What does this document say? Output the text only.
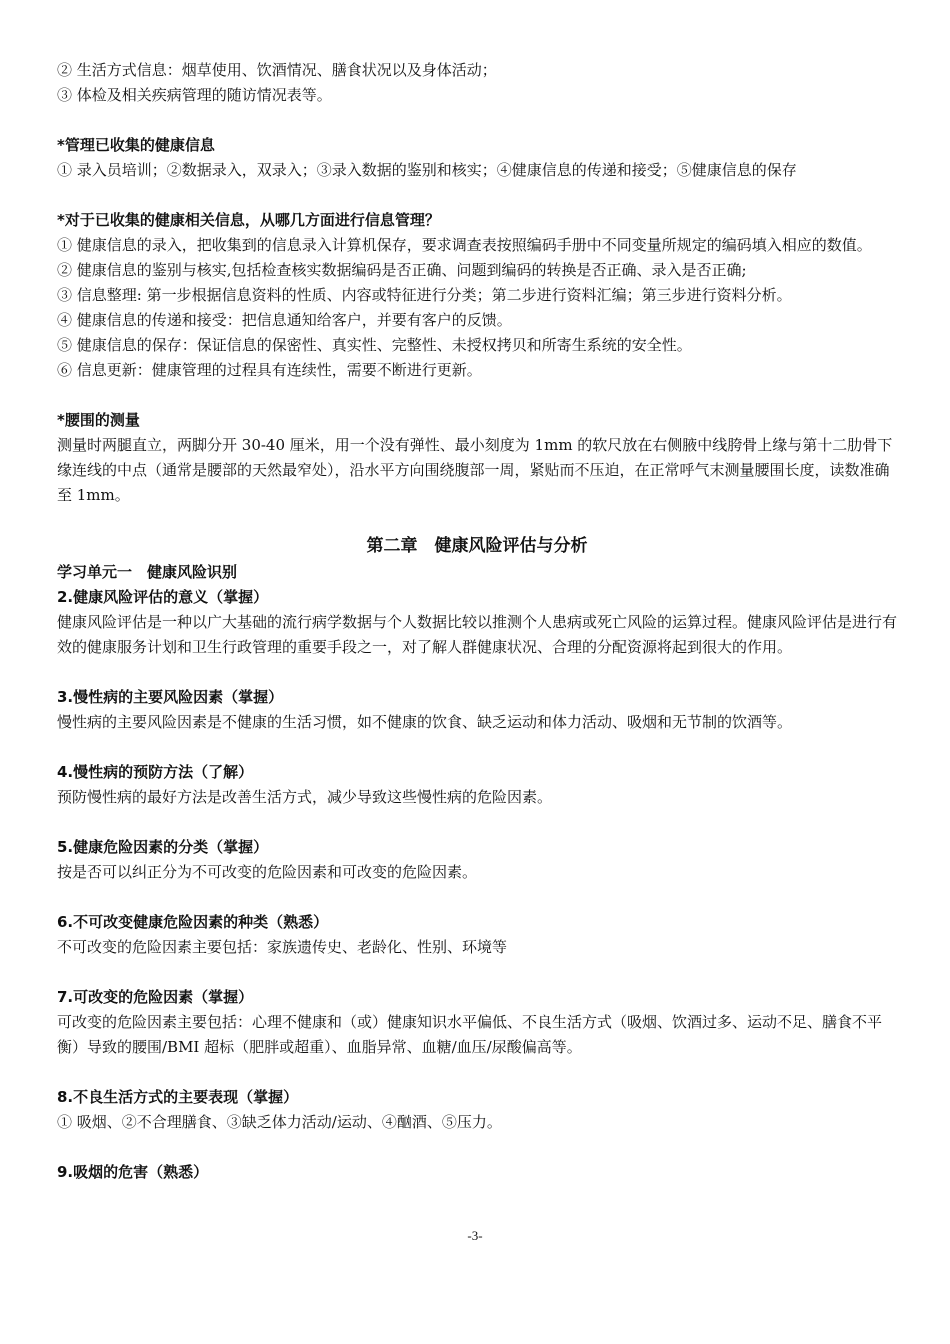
② 生活方式信息：烟草使用、饮酒情况、膳食状况以及身体活动；

③ 体检及相关疾病管理的随访情况表等。

*管理已收集的健康信息

① 录入员培训；②数据录入，双录入；③录入数据的鉴别和核实；④健康信息的传递和接受；⑤健康信息的保存

*对于已收集的健康相关信息，从哪几方面进行信息管理？

① 健康信息的录入，把收集到的信息录入计算机保存，要求调查表按照编码手册中不同变量所规定的编码填入相应的数值。

② 健康信息的鉴别与核实,包括检查核实数据编码是否正确、问题到编码的转换是否正确、录入是否正确;

③ 信息整理: 第一步根据信息资料的性质、内容或特征进行分类；第二步进行资料汇编；第三步进行资料分析。

④ 健康信息的传递和接受：把信息通知给客户，并要有客户的反馈。

⑤ 健康信息的保存：保证信息的保密性、真实性、完整性、未授权拷贝和所寄生系统的安全性。

⑥ 信息更新：健康管理的过程具有连续性，需要不断进行更新。

*腰围的测量

测量时两腿直立，两脚分开 30-40 厘米，用一个没有弹性、最小刻度为 1mm 的软尺放在右侧腋中线胯骨上缘与第十二肋骨下缘连线的中点（通常是腰部的天然最窄处），沿水平方向围绕腹部一周，紧贴而不压迫，在正常呼气末测量腰围长度，读数准确至 1mm。

第二章　健康风险评估与分析

学习单元一　健康风险识别

2.健康风险评估的意义（掌握）

健康风险评估是一种以广大基础的流行病学数据与个人数据比较以推测个人患病或死亡风险的运算过程。健康风险评估是进行有效的健康服务计划和卫生行政管理的重要手段之一，对了解人群健康状况、合理的分配资源将起到很大的作用。

3.慢性病的主要风险因素（掌握）

慢性病的主要风险因素是不健康的生活习惯，如不健康的饮食、缺乏运动和体力活动、吸烟和无节制的饮酒等。

4.慢性病的预防方法（了解）

预防慢性病的最好方法是改善生活方式，减少导致这些慢性病的危险因素。

5.健康危险因素的分类（掌握）

按是否可以纠正分为不可改变的危险因素和可改变的危险因素。

6.不可改变健康危险因素的种类（熟悉）

不可改变的危险因素主要包括：家族遗传史、老龄化、性别、环境等

7.可改变的危险因素（掌握）

可改变的危险因素主要包括：心理不健康和（或）健康知识水平偏低、不良生活方式（吸烟、饮酒过多、运动不足、膳食不平衡）导致的腰围/BMI 超标（肥胖或超重）、血脂异常、血糖/血压/尿酸偏高等。

8.不良生活方式的主要表现（掌握）

① 吸烟、②不合理膳食、③缺乏体力活动/运动、④酗酒、⑤压力。

9.吸烟的危害（熟悉）

-3-
